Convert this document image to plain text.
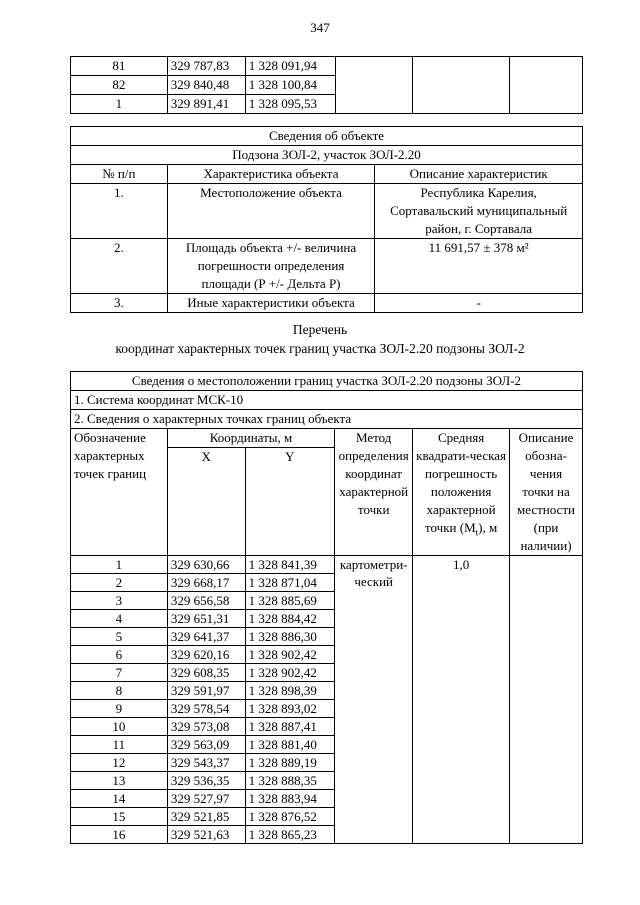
347
81	329 787,83	1 328 091,94			
82	329 840,48	1 328 100,84			
1	329 891,41	1 328 095,53			
Сведения об объекте		
Подзона ЗОЛ-2, участок ЗОЛ-2.20		
№ п/п	Характеристика объекта	Описание характеристик
1.	Местоположение объекта	Республика Карелия, Сортавальский муниципальный район, г. Сортавала
2.	Площадь объекта +/- величина погрешности определения площади (Р +/- Дельта Р)	11 691,57 ± 378 м²
3.	Иные характеристики объекта	-
Перечень
координат характерных точек границ участка ЗОЛ-2.20 подзоны ЗОЛ-2
Сведения о местоположении границ участка ЗОЛ-2.20 подзоны ЗОЛ-2					
1. Система координат МСК-10					
2. Сведения о характерных точках границ объекта					
Обозначение характерных точек границ	Координаты, м		Метод определения координат характерной точки	Средняя квадрати-ческая погрешность положения характерной точки $(M_t)$, м	Описание обозна-чения точки на местности (при наличии)
	X	Y			
1	329 630,66	1 328 841,39	картометри-ческий	1,0	
2	329 668,17	1 328 871,04			
3	329 656,58	1 328 885,69			
4	329 651,31	1 328 884,42			
5	329 641,37	1 328 886,30			
6	329 620,16	1 328 902,42			
7	329 608,35	1 328 902,42			
8	329 591,97	1 328 898,39			
9	329 578,54	1 328 893,02			
10	329 573,08	1 328 887,41			
11	329 563,09	1 328 881,40			
12	329 543,37	1 328 889,19			
13	329 536,35	1 328 888,35			
14	329 527,97	1 328 883,94			
15	329 521,85	1 328 876,52			
16	329 521,63	1 328 865,23			
